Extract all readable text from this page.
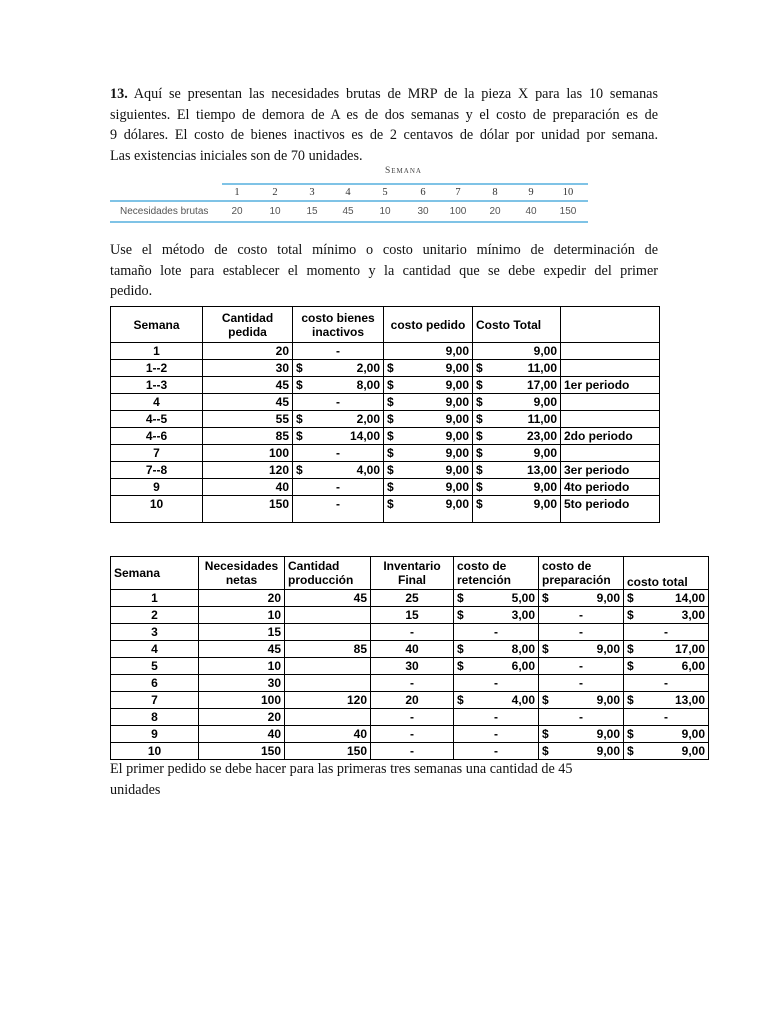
13. Aquí se presentan las necesidades brutas de MRP de la pieza X para las 10 semanas
siguientes. El tiempo de demora de A es de dos semanas y el costo de preparación es de
9 dólares. El costo de bienes inactivos es de 2 centavos de dólar por unidad por semana.
Las existencias iniciales son de 70 unidades.
Semana
1	2	3	4	5	6	7	8	9	10
Necesidades brutas	20	10	15	45	10	30	100	20	40	150
Use el método de costo total mínimo o costo unitario mínimo de determinación de
tamaño lote para establecer el momento y la cantidad que se debe expedir del primer
pedido.
Semana	Cantidad pedida	costo bienes inactivos	costo pedido	Costo Total	
1	20	-	9,00	9,00	
1--2	30	$ 2,00	$ 9,00	$ 11,00	

1--3	45	$ 8,00	$ 9,00	$ 17,00	1er periodo
4	45	-	$ 9,00	$ 9,00	

4--5	55	$ 2,00	$ 9,00	$ 11,00	

4--6	85	$ 14,00	$ 9,00	$ 23,00	2do periodo
7	100	-	$ 9,00	$ 9,00	

7--8	120	$ 4,00	$ 9,00	$ 13,00	3er periodo
9	40	-	$ 9,00	$ 9,00	4to periodo
10	150	-	$ 9,00	$ 9,00	5to periodo
Semana	Necesidades netas	Cantidad producción	Inventario Final	costo de retención	costo de preparación	costo total
1	20	45	25	$ 5,00	$ 9,00	$ 14,00

2	10		15	$ 3,00	-	$ 3,00

3	15		-	-	-	-
4	45	85	40	$ 8,00	$ 9,00	$ 17,00

5	10		30	$ 6,00	-	$ 6,00

6	30		-	-	-	-
7	100	120	20	$ 4,00	$ 9,00	$ 13,00

8	20		-	-	-	-
9	40	40	-	-	$ 9,00	$ 9,00

10	150	150	-	-	$ 9,00	$ 9,00
El primer pedido se debe hacer para las primeras tres semanas una cantidad de 45
unidades
